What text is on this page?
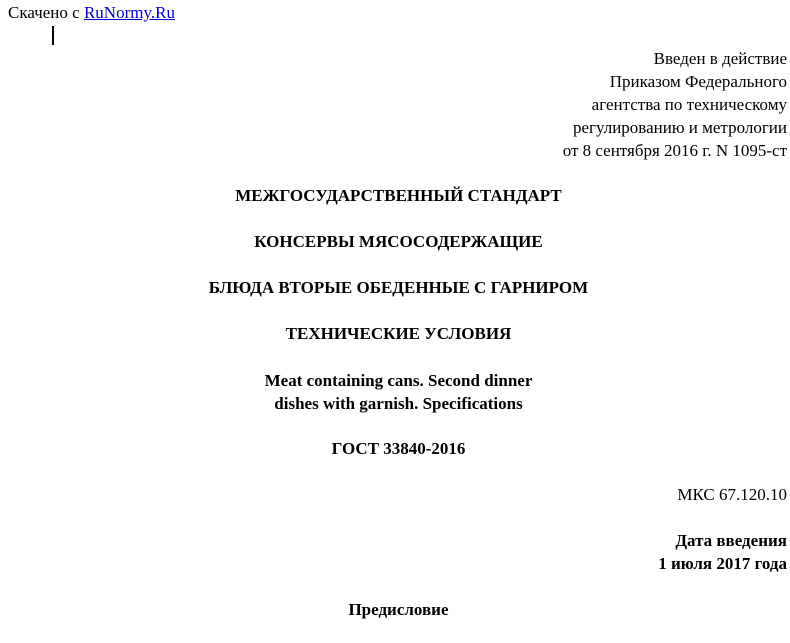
Скачено с RuNormy.Ru
Введен в действие
Приказом Федерального
агентства по техническому
регулированию и метрологии
от 8 сентября 2016 г. N 1095-ст
МЕЖГОСУДАРСТВЕННЫЙ СТАНДАРТ
КОНСЕРВЫ МЯСОСОДЕРЖАЩИЕ
БЛЮДА ВТОРЫЕ ОБЕДЕННЫЕ С ГАРНИРОМ
ТЕХНИЧЕСКИЕ УСЛОВИЯ
Meat containing cans. Second dinner
dishes with garnish. Specifications
ГОСТ 33840-2016
МКС 67.120.10
Дата введения
1 июля 2017 года
Предисловие
